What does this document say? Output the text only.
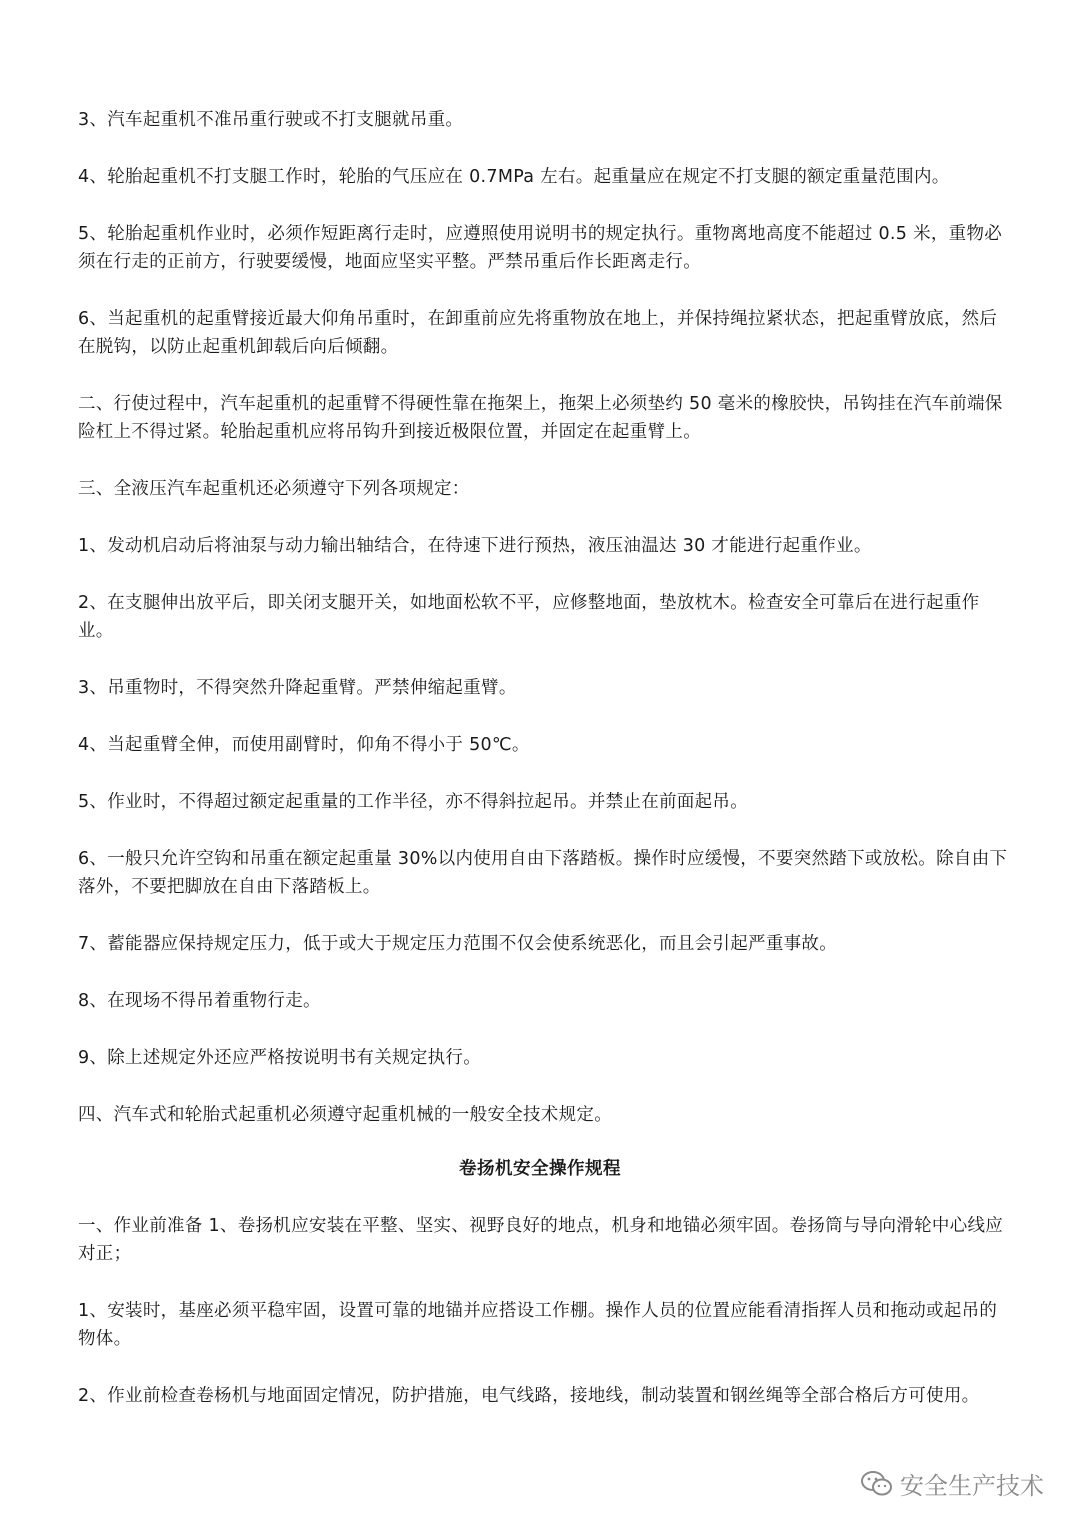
3、汽车起重机不准吊重行驶或不打支腿就吊重。

4、轮胎起重机不打支腿工作时，轮胎的气压应在 0.7MPa 左右。起重量应在规定不打支腿的额定重量范围内。

5、轮胎起重机作业时，必须作短距离行走时，应遵照使用说明书的规定执行。重物离地高度不能超过 0.5 米，重物必须在行走的正前方，行驶要缓慢，地面应坚实平整。严禁吊重后作长距离走行。

6、当起重机的起重臂接近最大仰角吊重时，在卸重前应先将重物放在地上，并保持绳拉紧状态，把起重臂放底，然后在脱钩，以防止起重机卸载后向后倾翻。

二、行使过程中，汽车起重机的起重臂不得硬性靠在拖架上，拖架上必须垫约 50 毫米的橡胶快，吊钩挂在汽车前端保险杠上不得过紧。轮胎起重机应将吊钩升到接近极限位置，并固定在起重臂上。

三、全液压汽车起重机还必须遵守下列各项规定：

1、发动机启动后将油泵与动力输出轴结合，在待速下进行预热，液压油温达 30 才能进行起重作业。

2、在支腿伸出放平后，即关闭支腿开关，如地面松软不平，应修整地面，垫放枕木。检查安全可靠后在进行起重作业。

3、吊重物时，不得突然升降起重臂。严禁伸缩起重臂。

4、当起重臂全伸，而使用副臂时，仰角不得小于 50℃。

5、作业时，不得超过额定起重量的工作半径，亦不得斜拉起吊。并禁止在前面起吊。

6、一般只允许空钩和吊重在额定起重量 30%以内使用自由下落踏板。操作时应缓慢，不要突然踏下或放松。除自由下落外，不要把脚放在自由下落踏板上。

7、蓄能器应保持规定压力，低于或大于规定压力范围不仅会使系统恶化，而且会引起严重事故。

8、在现场不得吊着重物行走。

9、除上述规定外还应严格按说明书有关规定执行。

四、汽车式和轮胎式起重机必须遵守起重机械的一般安全技术规定。

卷扬机安全操作规程

一、作业前准备 1、卷扬机应安装在平整、坚实、视野良好的地点，机身和地锚必须牢固。卷扬筒与导向滑轮中心线应对正；

1、安装时，基座必须平稳牢固，设置可靠的地锚并应搭设工作棚。操作人员的位置应能看清指挥人员和拖动或起吊的物体。

2、作业前检查卷杨机与地面固定情况，防护措施，电气线路，接地线，制动装置和钢丝绳等全部合格后方可使用。

安全生产技术
